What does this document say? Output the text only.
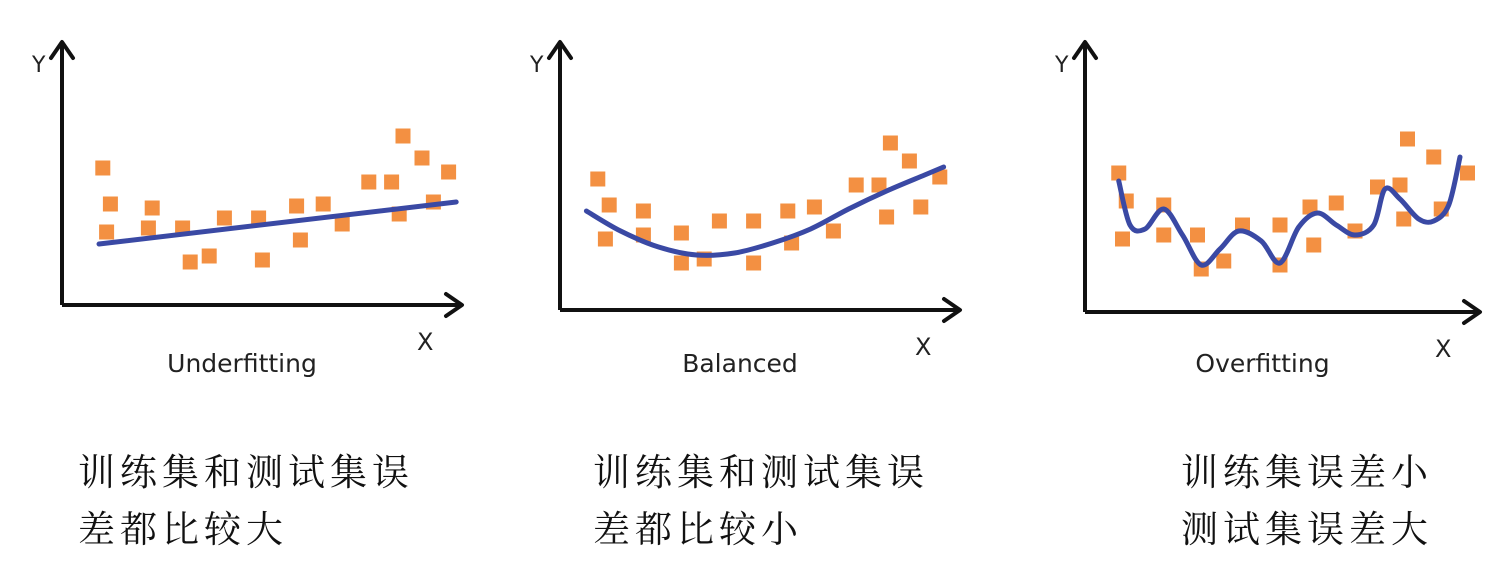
Y
X
Underfitting
Y
X
Balanced
Y
X
Overfitting
训练集和测试集误
差都比较大
训练集和测试集误
差都比较小
训练集误差小
测试集误差大
